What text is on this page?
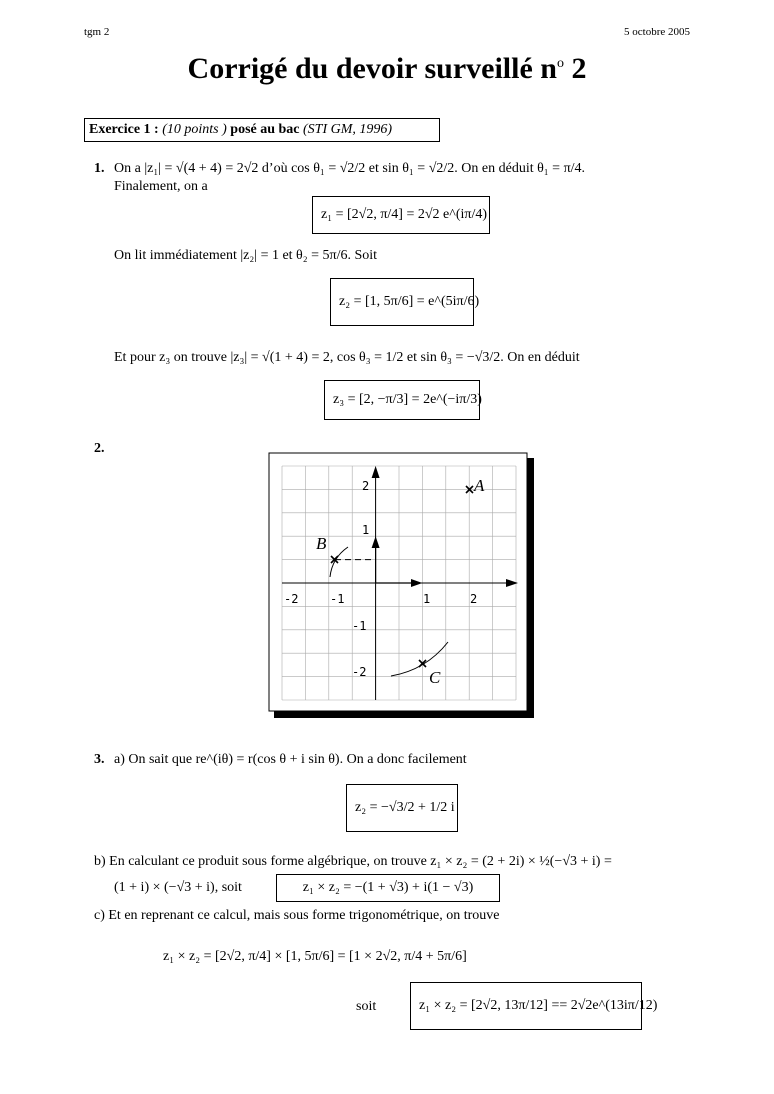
tgm 2	5 octobre 2005
Corrigé du devoir surveillé $n^o$ 2
Exercice 1 : (10 points ) posé au bac (STI GM, 1996)
1. On a |z₁| = √(4 + 4) = 2√2 d’où cos θ₁ = √2/2 et sin θ₁ = √2/2. On en déduit θ₁ = π/4.
Finalement, on a
z₁ = [2√2, π/4] = 2√2 e^(iπ/4)
On lit immédiatement |z₂| = 1 et θ₂ = 5π/6. Soit
z₂ = [1, 5π/6] = e^(5iπ/6)
Et pour z₃ on trouve |z₃| = √(1 + 4) = 2, cos θ₃ = 1/2 et sin θ₃ = −√3/2. On en déduit
z₃ = [2, −π/3] = 2e^(−iπ/3)
2.
-2	-1	1	2
2
1
-1
-2
A
B
C
3. a) On sait que re^(iθ) = r(cos θ + i sin θ). On a donc facilement
z₂ = −√3/2 + 1/2 i
b) En calculant ce produit sous forme algébrique, on trouve z₁ × z₂ = (2 + 2i) × ½(−√3 + i) =
(1 + i) × (−√3 + i), soit	z₁ × z₂ = −(1 + √3) + i(1 − √3)
c) Et en reprenant ce calcul, mais sous forme trigonométrique, on trouve
z₁ × z₂ = [2√2, π/4] × [1, 5π/6] = [1 × 2√2, π/4 + 5π/6]
soit	z₁ × z₂ = [2√2, 13π/12] == 2√2e^(13iπ/12)
